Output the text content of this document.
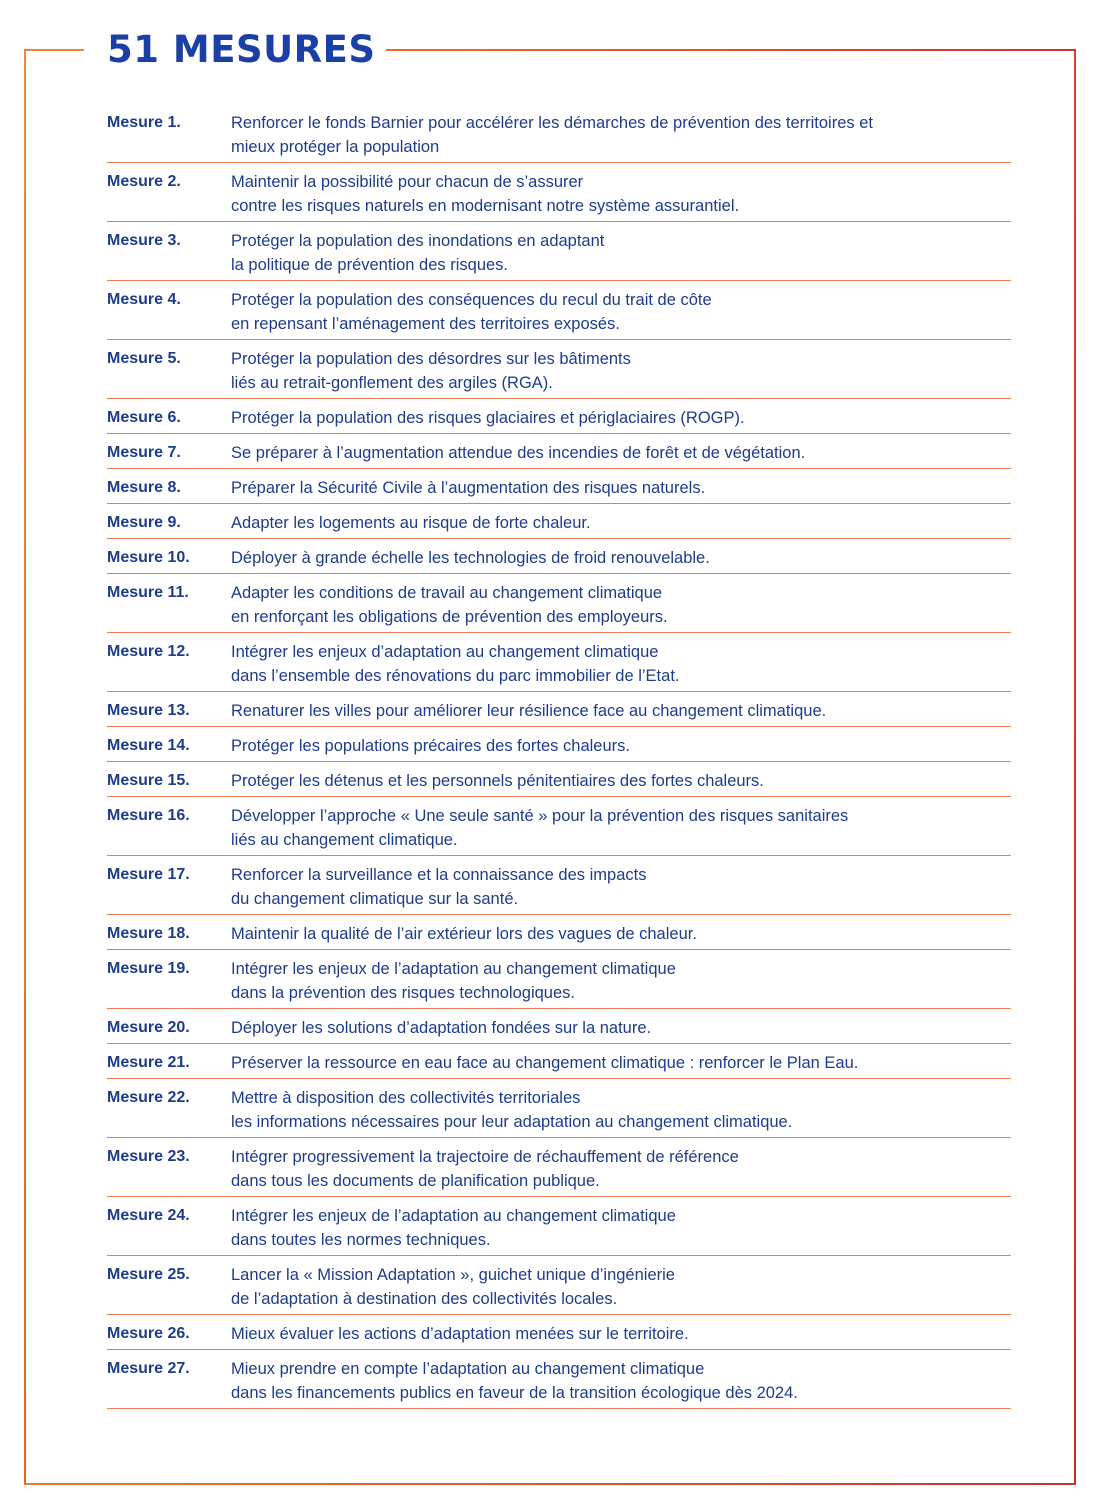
51 MESURES
Mesure 1.	Renforcer le fonds Barnier pour accélérer les démarches de prévention des territoires et
mieux protéger la population
Mesure 2.	Maintenir la possibilité pour chacun de s’assurer
contre les risques naturels en modernisant notre système assurantiel.
Mesure 3.	Protéger la population des inondations en adaptant
la politique de prévention des risques.
Mesure 4.	Protéger la population des conséquences du recul du trait de côte
en repensant l’aménagement des territoires exposés.
Mesure 5.	Protéger la population des désordres sur les bâtiments
liés au retrait-gonflement des argiles (RGA).
Mesure 6.	Protéger la population des risques glaciaires et périglaciaires (ROGP).
Mesure 7.	Se préparer à l’augmentation attendue des incendies de forêt et de végétation.
Mesure 8.	Préparer la Sécurité Civile à l’augmentation des risques naturels.
Mesure 9.	Adapter les logements au risque de forte chaleur.
Mesure 10.	Déployer à grande échelle les technologies de froid renouvelable.
Mesure 11.	Adapter les conditions de travail au changement climatique
en renforçant les obligations de prévention des employeurs.
Mesure 12.	Intégrer les enjeux d’adaptation au changement climatique
dans l’ensemble des rénovations du parc immobilier de l’Etat.
Mesure 13.	Renaturer les villes pour améliorer leur résilience face au changement climatique.
Mesure 14.	Protéger les populations précaires des fortes chaleurs.
Mesure 15.	Protéger les détenus et les personnels pénitentiaires des fortes chaleurs.
Mesure 16.	Développer l’approche « Une seule santé » pour la prévention des risques sanitaires
liés au changement climatique.
Mesure 17.	Renforcer la surveillance et la connaissance des impacts
du changement climatique sur la santé.
Mesure 18.	Maintenir la qualité de l’air extérieur lors des vagues de chaleur.
Mesure 19.	Intégrer les enjeux de l’adaptation au changement climatique
dans la prévention des risques technologiques.
Mesure 20.	Déployer les solutions d’adaptation fondées sur la nature.
Mesure 21.	Préserver la ressource en eau face au changement climatique : renforcer le Plan Eau.
Mesure 22.	Mettre à disposition des collectivités territoriales
les informations nécessaires pour leur adaptation au changement climatique.
Mesure 23.	Intégrer progressivement la trajectoire de réchauffement de référence
dans tous les documents de planification publique.
Mesure 24.	Intégrer les enjeux de l’adaptation au changement climatique
dans toutes les normes techniques.
Mesure 25.	Lancer la « Mission Adaptation », guichet unique d’ingénierie
de l’adaptation à destination des collectivités locales.
Mesure 26.	Mieux évaluer les actions d’adaptation menées sur le territoire.
Mesure 27.	Mieux prendre en compte l’adaptation au changement climatique
dans les financements publics en faveur de la transition écologique dès 2024.
